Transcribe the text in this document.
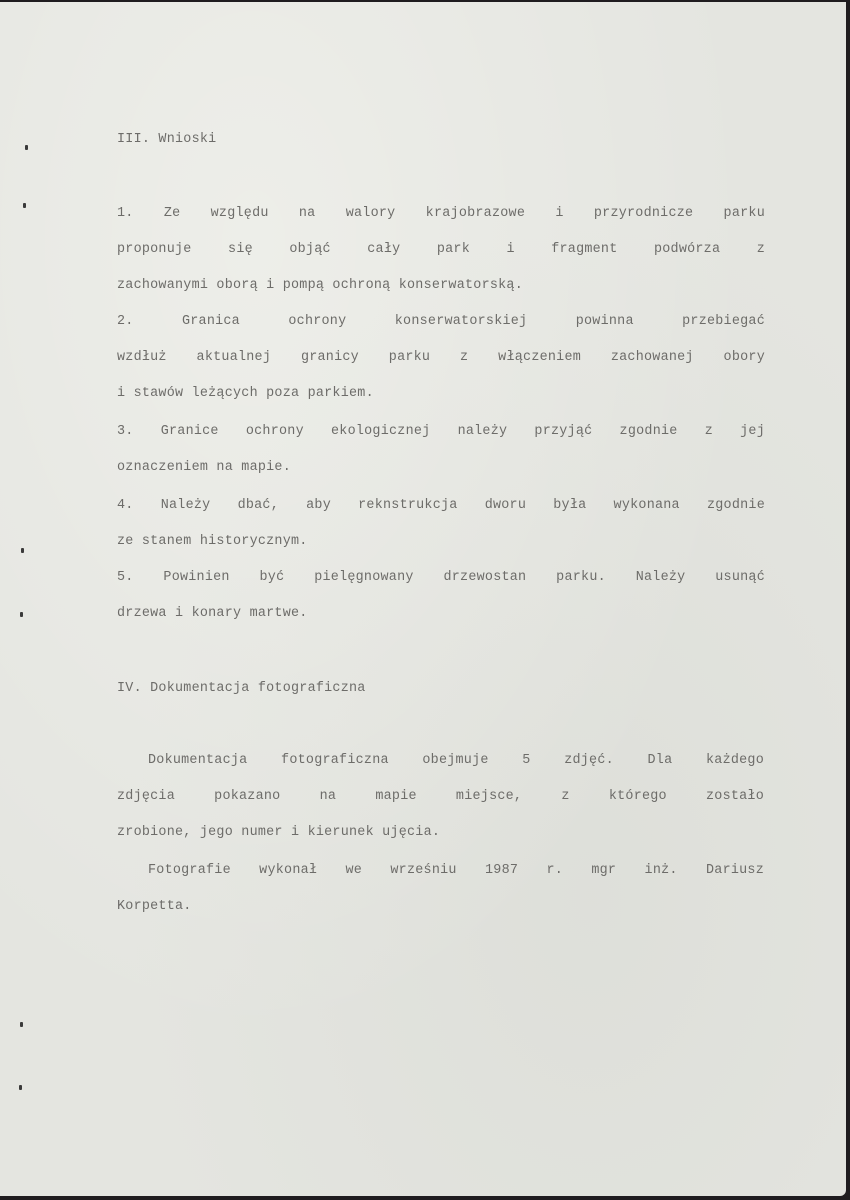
III. Wnioski
1. Ze względu na walory krajobrazowe i przyrodnicze parku
proponuje się objąć cały park i fragment podwórza z
zachowanymi oborą i pompą ochroną konserwatorską.
2. Granica ochrony konserwatorskiej powinna przebiegać
wzdłuż aktualnej granicy parku z włączeniem zachowanej obory
i stawów leżących poza parkiem.
3. Granice ochrony ekologicznej należy przyjąć zgodnie z jej
oznaczeniem na mapie.
4. Należy dbać, aby reknstrukcja dworu była wykonana zgodnie
ze stanem historycznym.
5. Powinien być pielęgnowany drzewostan parku. Należy usunąć
drzewa i konary martwe.
IV. Dokumentacja fotograficzna
Dokumentacja fotograficzna obejmuje 5 zdjęć. Dla każdego
zdjęcia pokazano na mapie miejsce, z którego zostało
zrobione, jego numer i kierunek ujęcia.
Fotografie wykonał we wrześniu 1987 r. mgr inż. Dariusz
Korpetta.
